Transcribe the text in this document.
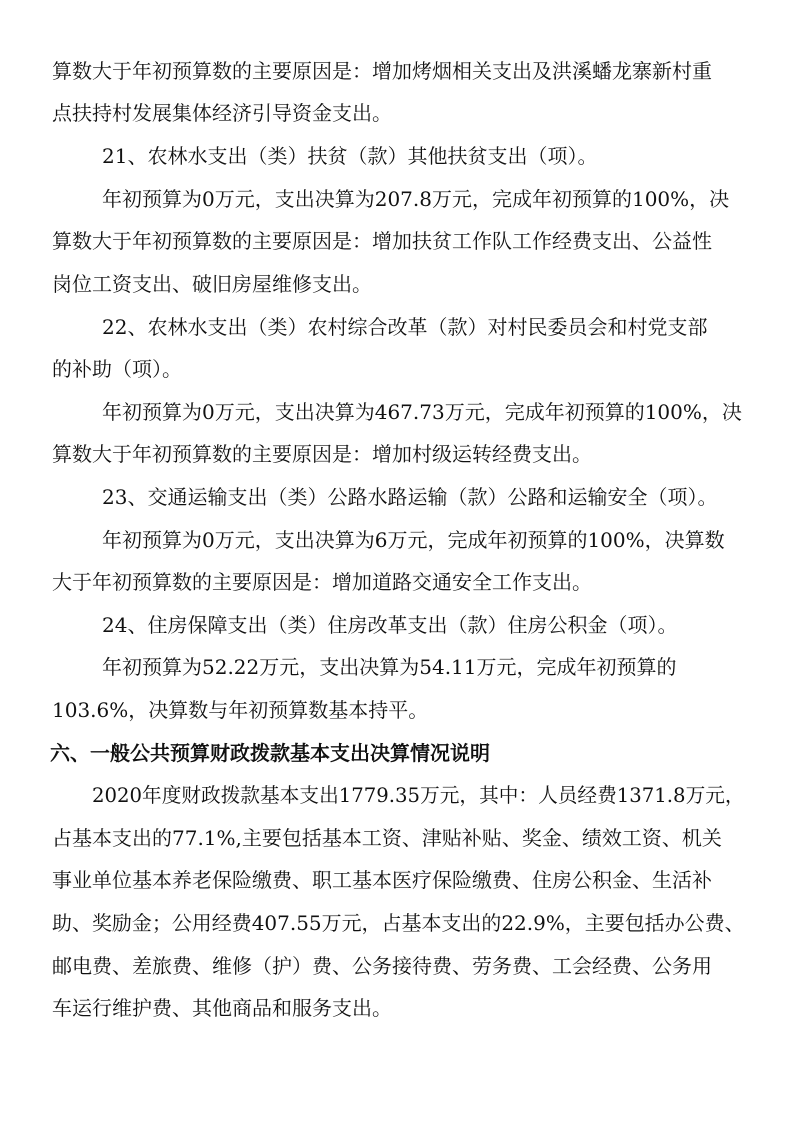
算数大于年初预算数的主要原因是：增加烤烟相关支出及洪溪蟠龙寨新村重
点扶持村发展集体经济引导资金支出。
21、农林水支出（类）扶贫（款）其他扶贫支出（项）。
年初预算为0万元，支出决算为207.8万元，完成年初预算的100%，决
算数大于年初预算数的主要原因是：增加扶贫工作队工作经费支出、公益性
岗位工资支出、破旧房屋维修支出。
22、农林水支出（类）农村综合改革（款）对村民委员会和村党支部
的补助（项）。
年初预算为0万元，支出决算为467.73万元，完成年初预算的100%，决
算数大于年初预算数的主要原因是：增加村级运转经费支出。
23、交通运输支出（类）公路水路运输（款）公路和运输安全（项）。
年初预算为0万元，支出决算为6万元，完成年初预算的100%，决算数
大于年初预算数的主要原因是：增加道路交通安全工作支出。
24、住房保障支出（类）住房改革支出（款）住房公积金（项）。
年初预算为52.22万元，支出决算为54.11万元，完成年初预算的
103.6%，决算数与年初预算数基本持平。
六、一般公共预算财政拨款基本支出决算情况说明
2020年度财政拨款基本支出1779.35万元，其中：人员经费1371.8万元，
占基本支出的77.1%,主要包括基本工资、津贴补贴、奖金、绩效工资、机关
事业单位基本养老保险缴费、职工基本医疗保险缴费、住房公积金、生活补
助、奖励金；公用经费407.55万元，占基本支出的22.9%，主要包括办公费、
邮电费、差旅费、维修（护）费、公务接待费、劳务费、工会经费、公务用
车运行维护费、其他商品和服务支出。
